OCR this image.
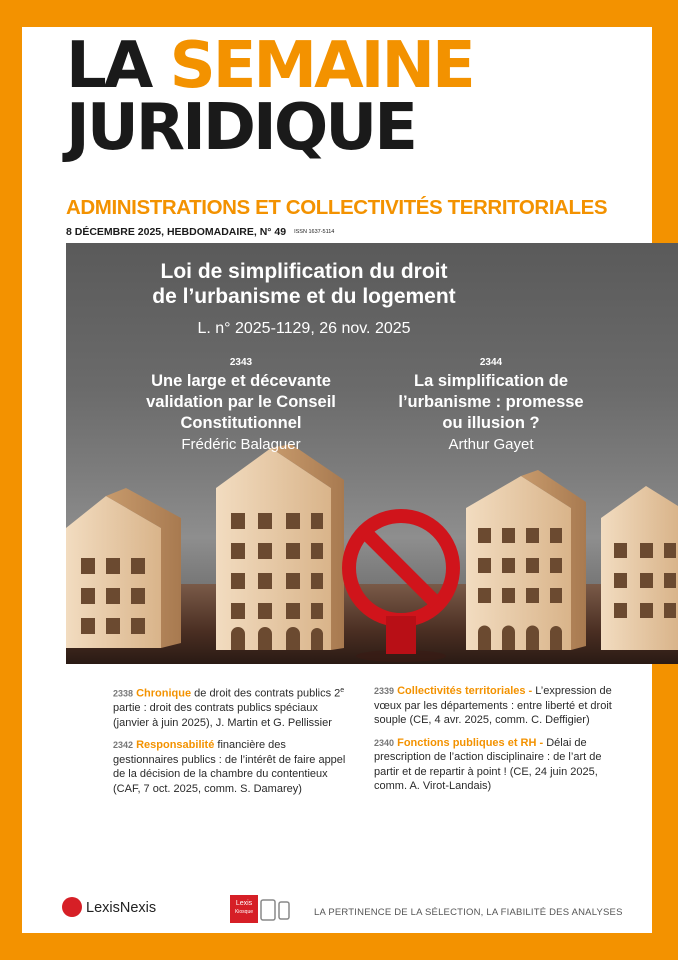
LA SEMAINE
JURIDIQUE
ADMINISTRATIONS ET COLLECTIVITÉS TERRITORIALES
8 DÉCEMBRE 2025, HEBDOMADAIRE, N° 49 ISSN 1637-5114
Loi de simplification du droit
de l’urbanisme et du logement
L. n° 2025-1129, 26 nov. 2025
2343
Une large et décevante
validation par le Conseil
Constitutionnel
Frédéric Balaguer
2344
La simplification de
l’urbanisme : promesse
ou illusion ?
Arthur Gayet

2338 Chronique de droit des contrats publics 2e partie : droit des contrats publics spéciaux (janvier à juin 2025), J. Martin et G. Pellissier

2342 Responsabilité financière des gestionnaires publics : de l’intérêt de faire appel de la décision de la chambre du contentieux (CAF, 7 oct. 2025, comm. S. Damarey)

2339 Collectivités territoriales - L’expression de vœux par les départements : entre liberté et droit souple (CE, 4 avr. 2025, comm. C. Deffigier)

2340 Fonctions publiques et RH - Délai de prescription de l’action disciplinaire : de l’art de partir et de repartir à point ! (CE, 24 juin 2025, comm. A. Virot-Landais)

LexisNexis	Lexis
Kiosque	LA PERTINENCE DE LA SÉLECTION, LA FIABILITÉ DES ANALYSES
